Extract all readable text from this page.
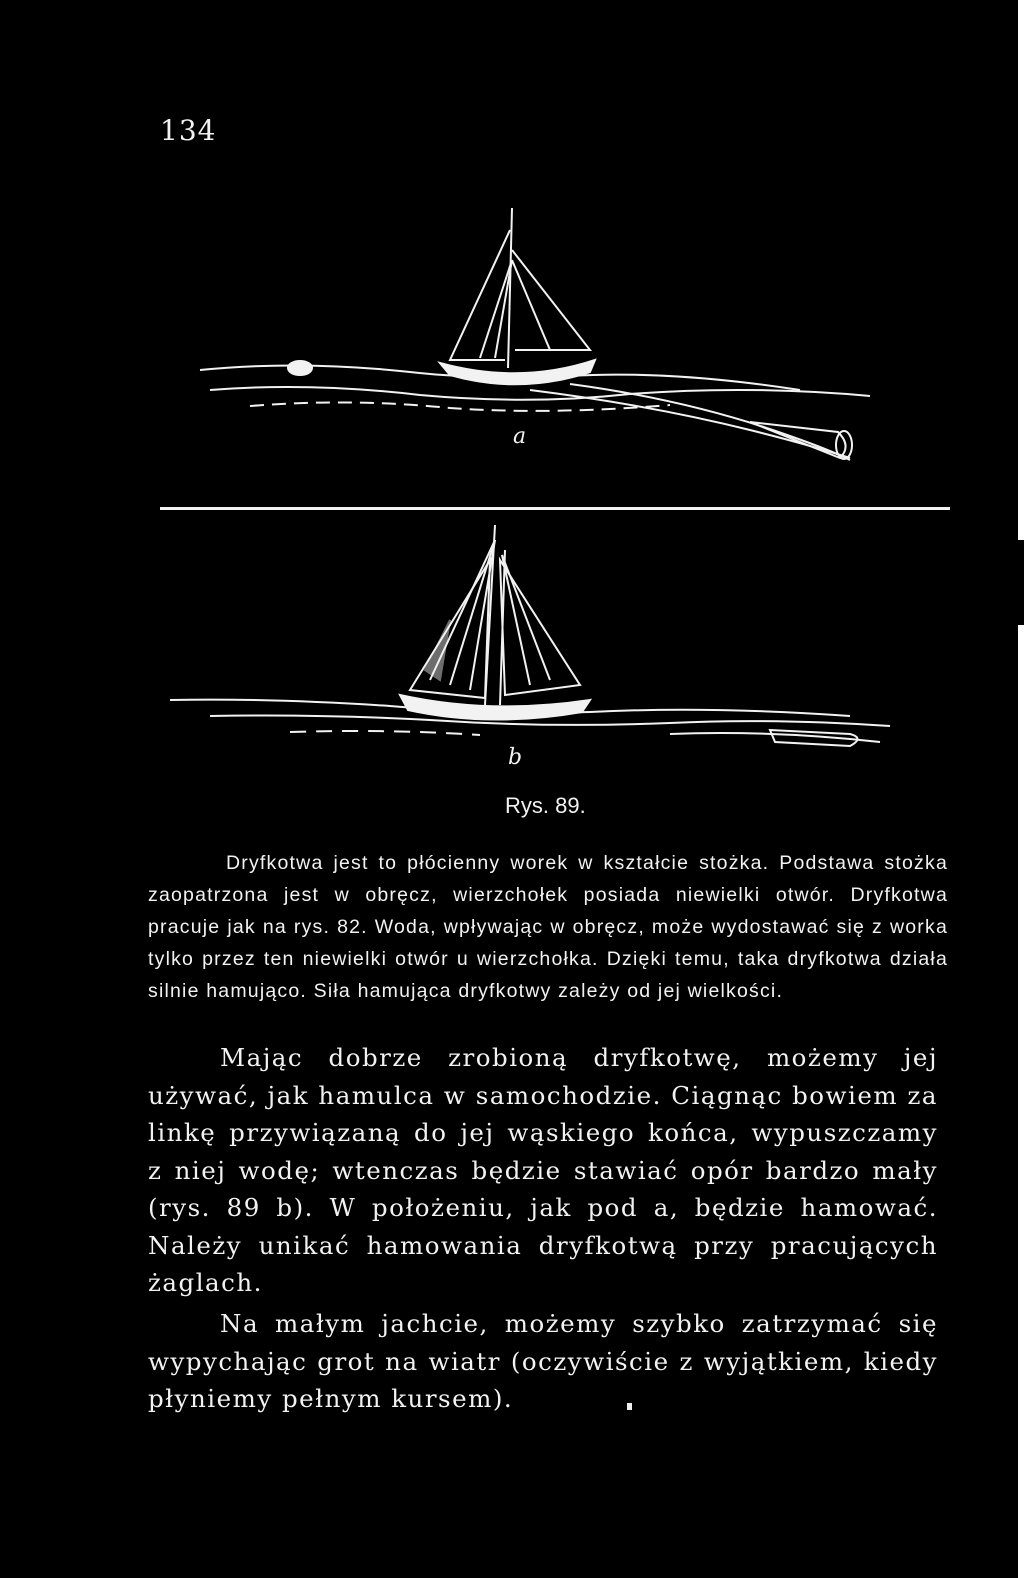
134
a
b
Rys. 89.
Dryfkotwa jest to płócienny worek w kształcie stożka. Podstawa stożka zaopatrzona jest w obręcz, wierzchołek posiada niewielki otwór. Dryfkotwa pracuje jak na rys. 82. Woda, wpływając w obręcz, może wydostawać się z worka tylko przez ten niewielki otwór u wierzchołka. Dzięki temu, taka dryfkotwa działa silnie hamująco. Siła hamująca dryfkotwy zależy od jej wielkości.
Mając dobrze zrobioną dryfkotwę, możemy jej używać, jak hamulca w samochodzie. Ciągnąc bowiem za linkę przywiązaną do jej wąskiego końca, wypuszczamy z niej wodę; wtenczas będzie stawiać opór bardzo mały (rys. 89 b). W położeniu, jak pod a, będzie hamować. Należy unikać hamowania dryfkotwą przy pracujących żaglach.
Na małym jachcie, możemy szybko zatrzymać się wypychając grot na wiatr (oczywiście z wyjątkiem, kiedy płyniemy pełnym kursem).
